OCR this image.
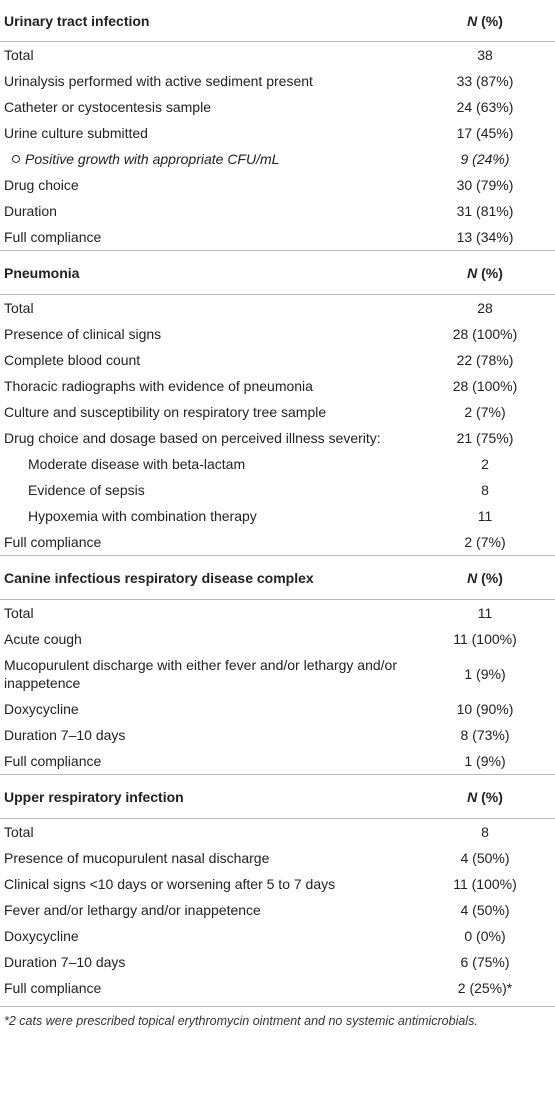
Urinary tract infection	N (%)
Total	38
Urinalysis performed with active sediment present	33 (87%)
Catheter or cystocentesis sample	24 (63%)
Urine culture submitted	17 (45%)
Positive growth with appropriate CFU/mL	9 (24%)
Drug choice	30 (79%)
Duration	31 (81%)
Full compliance	13 (34%)
Pneumonia	N (%)
Total	28
Presence of clinical signs	28 (100%)
Complete blood count	22 (78%)
Thoracic radiographs with evidence of pneumonia	28 (100%)
Culture and susceptibility on respiratory tree sample	2 (7%)
Drug choice and dosage based on perceived illness severity:	21 (75%)
Moderate disease with beta-lactam	2
Evidence of sepsis	8
Hypoxemia with combination therapy	11
Full compliance	2 (7%)
Canine infectious respiratory disease complex	N (%)
Total	11
Acute cough	11 (100%)
Mucopurulent discharge with either fever and/or lethargy and/or inappetence	1 (9%)
Doxycycline	10 (90%)
Duration 7–10 days	8 (73%)
Full compliance	1 (9%)
Upper respiratory infection	N (%)
Total	8
Presence of mucopurulent nasal discharge	4 (50%)
Clinical signs <10 days or worsening after 5 to 7 days	11 (100%)
Fever and/or lethargy and/or inappetence	4 (50%)
Doxycycline	0 (0%)
Duration 7–10 days	6 (75%)
Full compliance	2 (25%)*
*2 cats were prescribed topical erythromycin ointment and no systemic antimicrobials.
